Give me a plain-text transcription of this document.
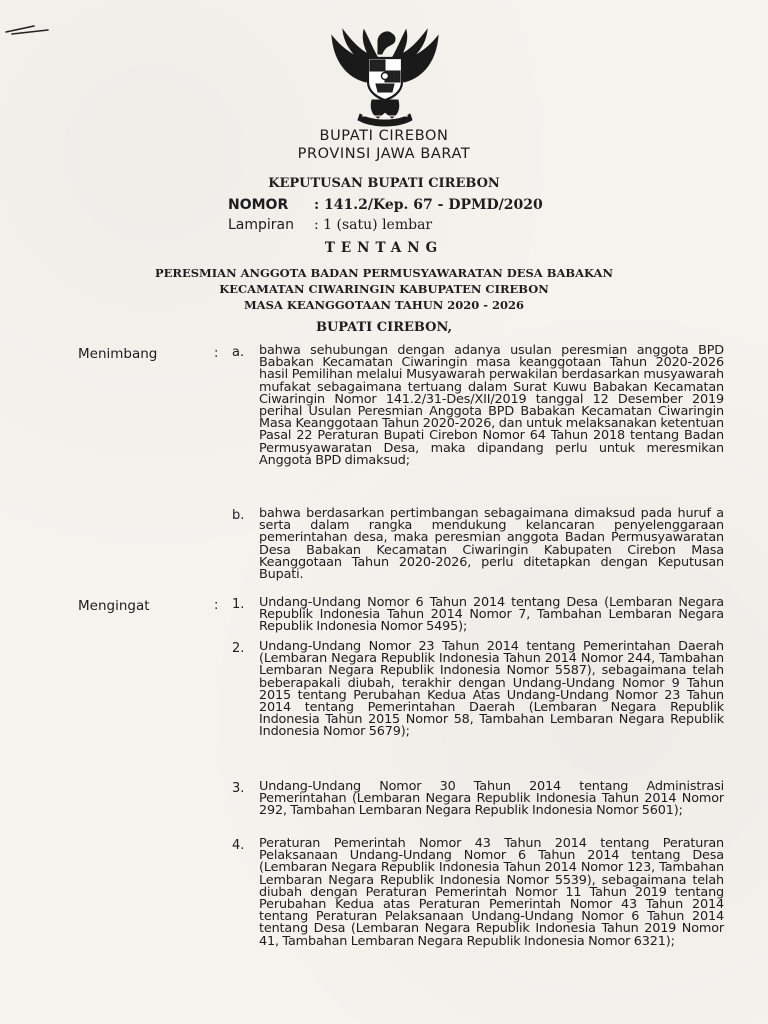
BUPATI CIREBON
PROVINSI JAWA BARAT
KEPUTUSAN BUPATI CIREBON
NOMOR : 141.2/Kep. 67 - DPMD/2020
Lampiran : 1 (satu) lembar
TENTANG
PERESMIAN ANGGOTA BADAN PERMUSYAWARATAN DESA BABAKAN
KECAMATAN CIWARINGIN KABUPATEN CIREBON
MASA KEANGGOTAAN TAHUN 2020 - 2026
BUPATI CIREBON,
Menimbang	: a.	bahwa sehubungan dengan adanya usulan peresmian anggota BPD Babakan Kecamatan Ciwaringin masa keanggotaan Tahun 2020-2026 hasil Pemilihan melalui Musyawarah perwakilan berdasarkan musyawarah mufakat sebagaimana tertuang dalam Surat Kuwu Babakan Kecamatan Ciwaringin Nomor 141.2/31-Des/XII/2019 tanggal 12 Desember 2019 perihal Usulan Peresmian Anggota BPD Babakan Kecamatan Ciwaringin Masa Keanggotaan Tahun 2020-2026, dan untuk melaksanakan ketentuan Pasal 22 Peraturan Bupati Cirebon Nomor 64 Tahun 2018 tentang Badan Permusyawaratan Desa, maka dipandang perlu untuk meresmikan Anggota BPD dimaksud;
b.	bahwa berdasarkan pertimbangan sebagaimana dimaksud pada huruf a serta dalam rangka mendukung kelancaran penyelenggaraan pemerintahan desa, maka peresmian anggota Badan Permusyawaratan Desa Babakan Kecamatan Ciwaringin Kabupaten Cirebon Masa Keanggotaan Tahun 2020-2026, perlu ditetapkan dengan Keputusan Bupati.
Mengingat	: 1.	Undang-Undang Nomor 6 Tahun 2014 tentang Desa (Lembaran Negara Republik Indonesia Tahun 2014 Nomor 7, Tambahan Lembaran Negara Republik Indonesia Nomor 5495);
2.	Undang-Undang Nomor 23 Tahun 2014 tentang Pemerintahan Daerah (Lembaran Negara Republik Indonesia Tahun 2014 Nomor 244, Tambahan Lembaran Negara Republik Indonesia Nomor 5587), sebagaimana telah beberapakali diubah, terakhir dengan Undang-Undang Nomor 9 Tahun 2015 tentang Perubahan Kedua Atas Undang-Undang Nomor 23 Tahun 2014 tentang Pemerintahan Daerah (Lembaran Negara Republik Indonesia Tahun 2015 Nomor 58, Tambahan Lembaran Negara Republik Indonesia Nomor 5679);
3.	Undang-Undang Nomor 30 Tahun 2014 tentang Administrasi Pemerintahan (Lembaran Negara Republik Indonesia Tahun 2014 Nomor 292, Tambahan Lembaran Negara Republik Indonesia Nomor 5601);
4.	Peraturan Pemerintah Nomor 43 Tahun 2014 tentang Peraturan Pelaksanaan Undang-Undang Nomor 6 Tahun 2014 tentang Desa (Lembaran Negara Republik Indonesia Tahun 2014 Nomor 123, Tambahan Lembaran Negara Republik Indonesia Nomor 5539), sebagaimana telah diubah dengan Peraturan Pemerintah Nomor 11 Tahun 2019 tentang Perubahan Kedua atas Peraturan Pemerintah Nomor 43 Tahun 2014 tentang Peraturan Pelaksanaan Undang-Undang Nomor 6 Tahun 2014 tentang Desa (Lembaran Negara Republik Indonesia Tahun 2019 Nomor 41, Tambahan Lembaran Negara Republik Indonesia Nomor 6321);
